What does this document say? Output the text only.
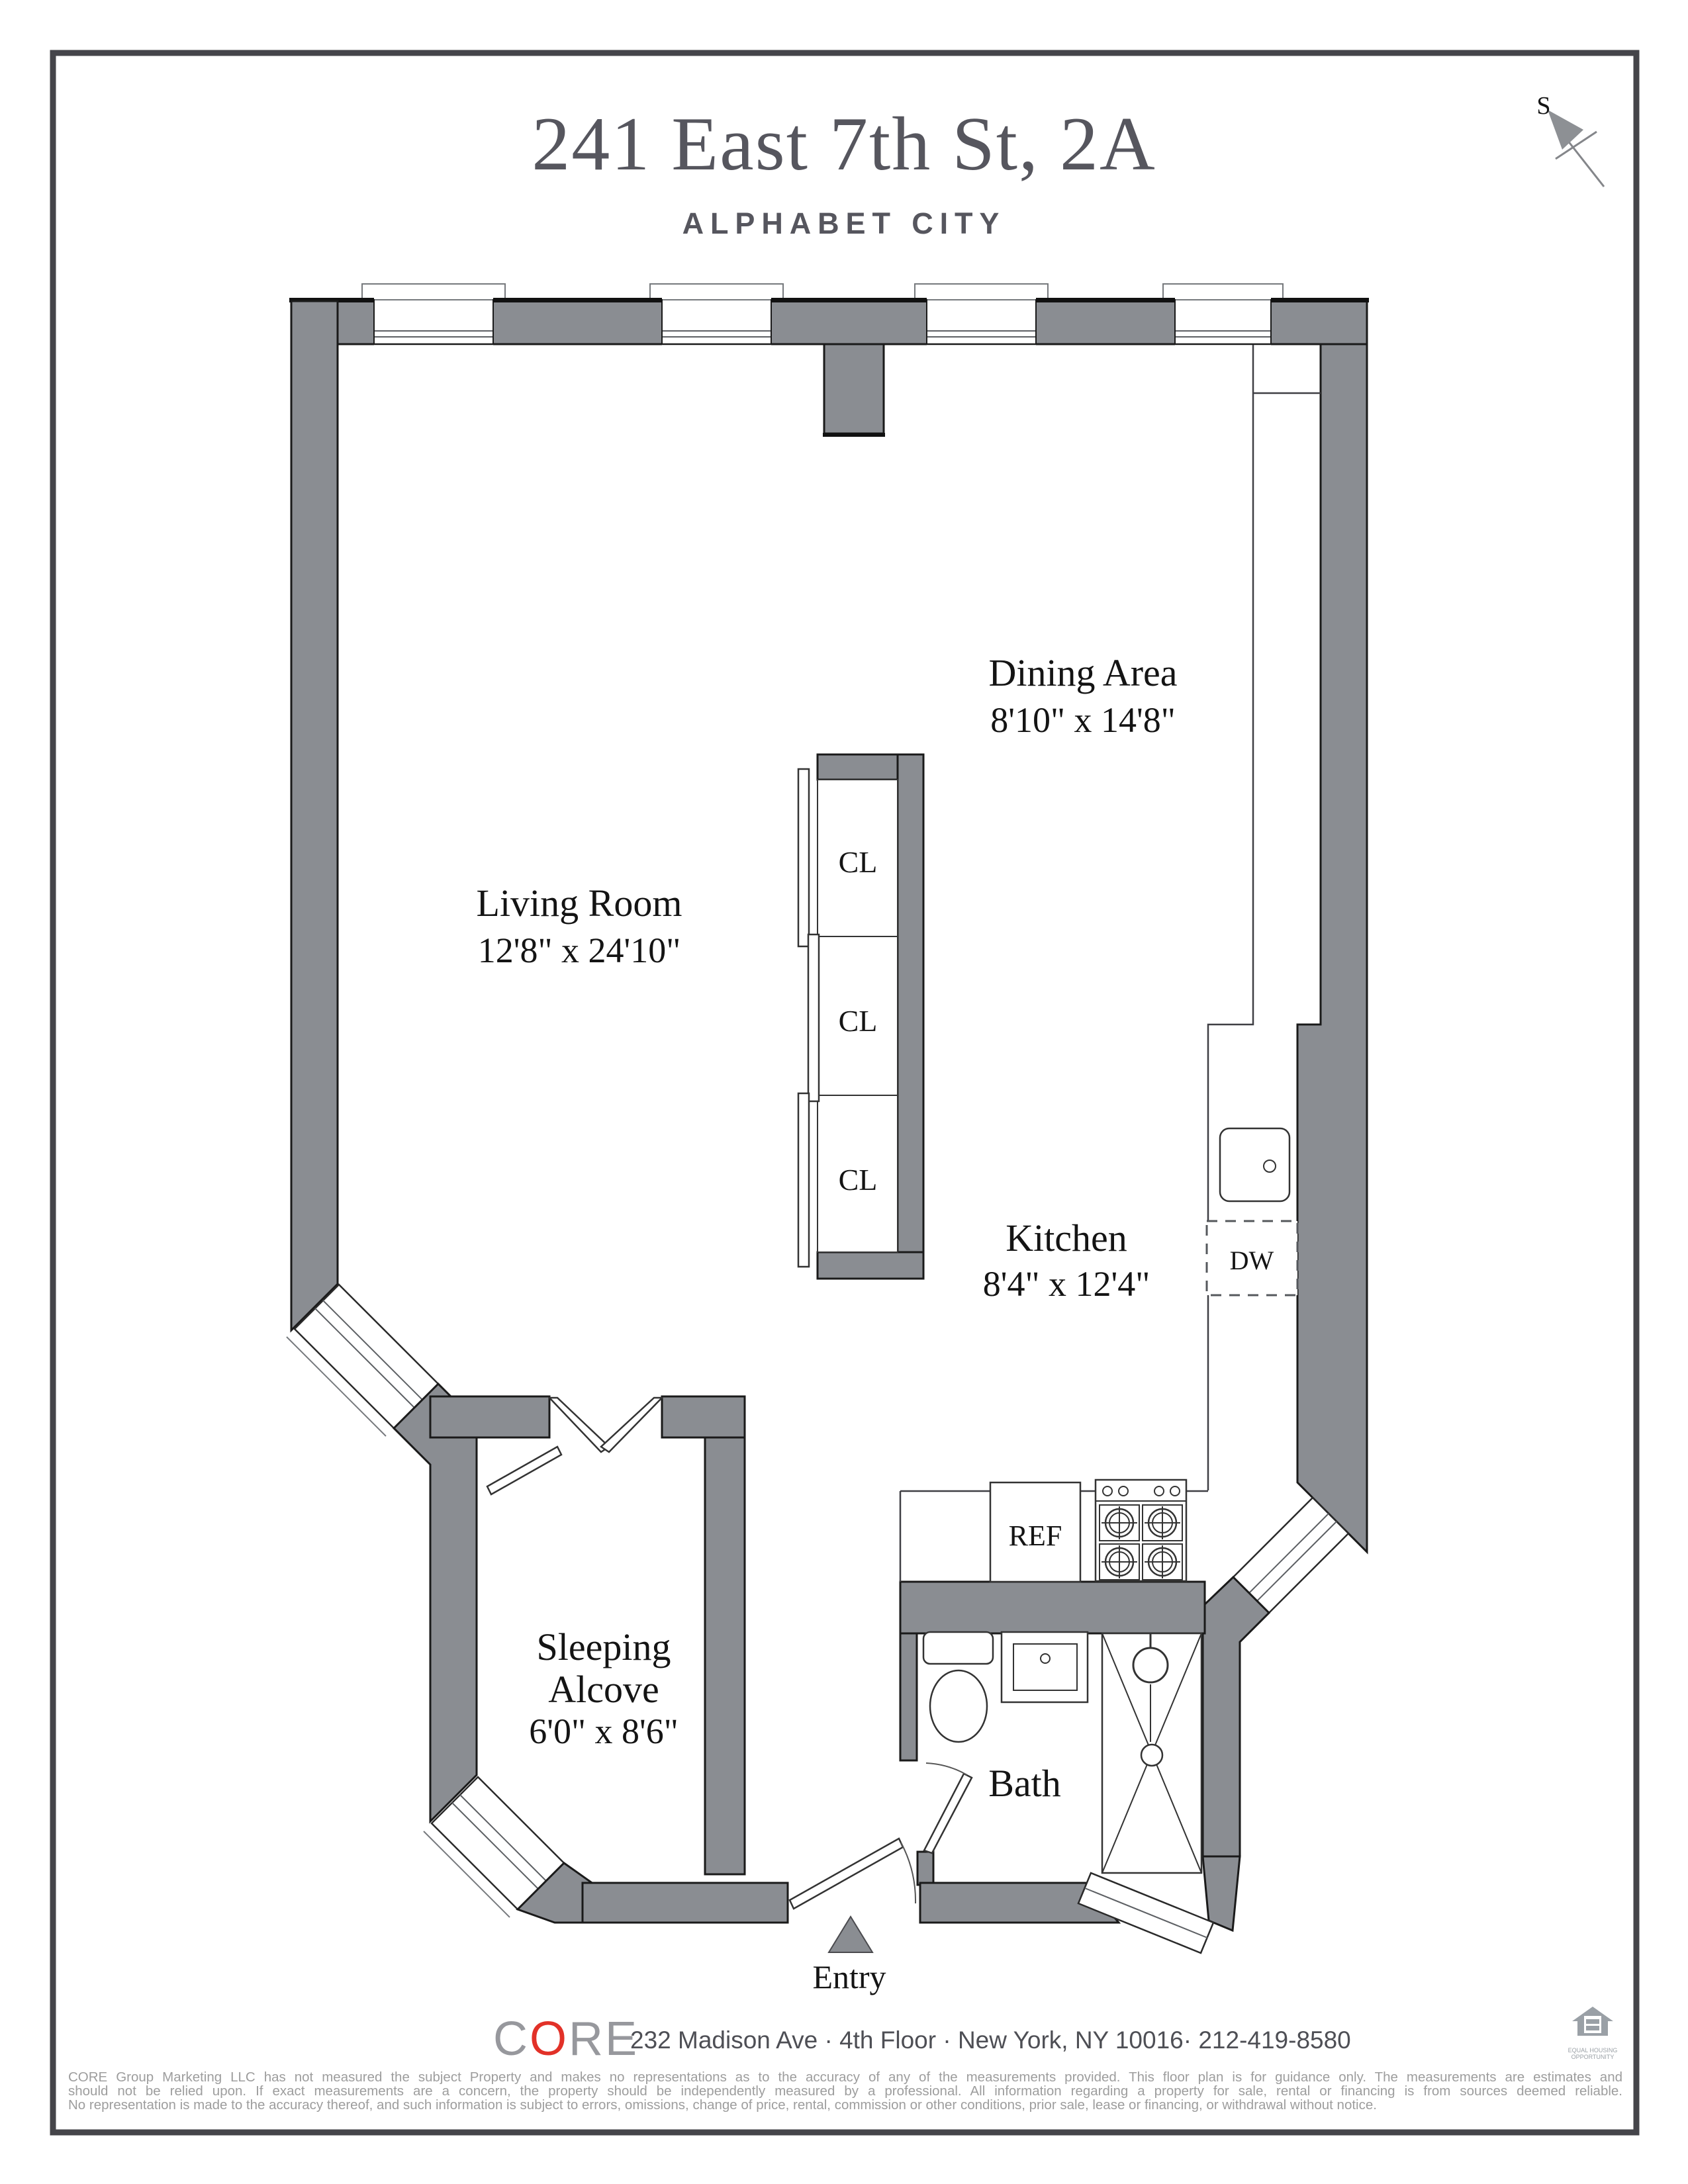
241 East 7th St, 2A
ALPHABET CITY
S
DW
REF
Dining Area
8'10" x 14'8"
Living Room
12'8" x 24'10"
Kitchen
8'4" x 12'4"
Sleeping
Alcove
6'0" x 8'6"
Bath
Entry
CL
CL
CL
CORE
232 Madison Ave · 4th Floor · New York, NY 10016· 212-419-8580	EQUAL HOUSING
OPPORTUNITY
CORE Group Marketing LLC has not measured the subject Property and makes no representations as to the accuracy of any of the measurements provided. This floor plan is for guidance only. The measurements are estimates and
should not be relied upon. If exact measurements are a concern, the property should be independently measured by a professional. All information regarding a property for sale, rental or financing is from sources deemed reliable.
No representation is made to the accuracy thereof, and such information is subject to errors, omissions, change of price, rental, commission or other conditions, prior sale, lease or financing, or withdrawal without notice.
